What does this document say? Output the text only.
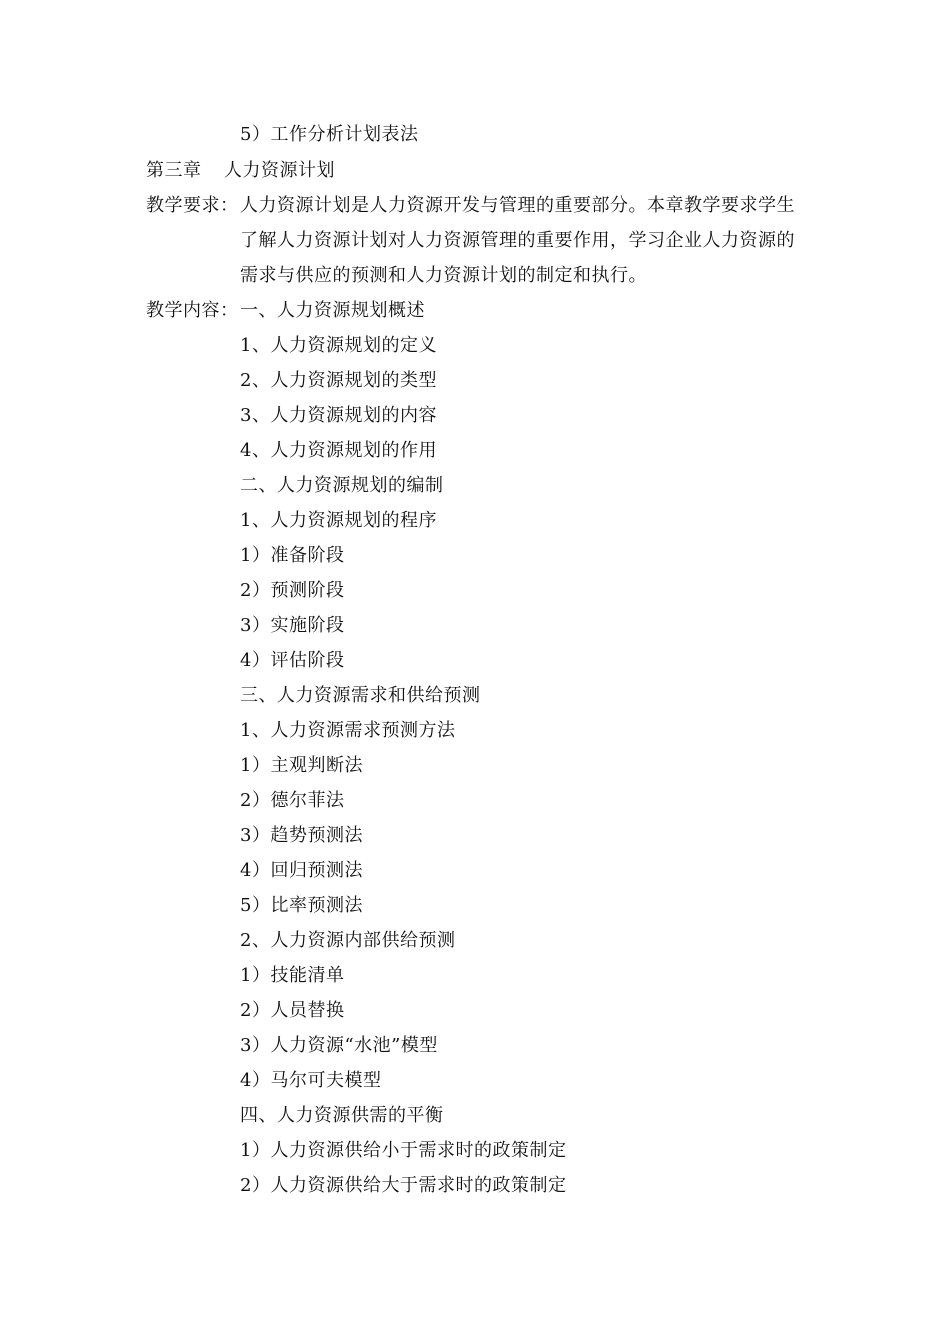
5）工作分析计划表法
第三章 人力资源计划
教学要求：人力资源计划是人力资源开发与管理的重要部分。本章教学要求学生
了解人力资源计划对人力资源管理的重要作用，学习企业人力资源的
需求与供应的预测和人力资源计划的制定和执行。
教学内容：一、人力资源规划概述
1、人力资源规划的定义
2、人力资源规划的类型
3、人力资源规划的内容
4、人力资源规划的作用
二、人力资源规划的编制
1、人力资源规划的程序
1）准备阶段
2）预测阶段
3）实施阶段
4）评估阶段
三、人力资源需求和供给预测
1、人力资源需求预测方法
1）主观判断法
2）德尔菲法
3）趋势预测法
4）回归预测法
5）比率预测法
2、人力资源内部供给预测
1）技能清单
2）人员替换
3）人力资源“水池”模型
4）马尔可夫模型
四、人力资源供需的平衡
1）人力资源供给小于需求时的政策制定
2）人力资源供给大于需求时的政策制定
